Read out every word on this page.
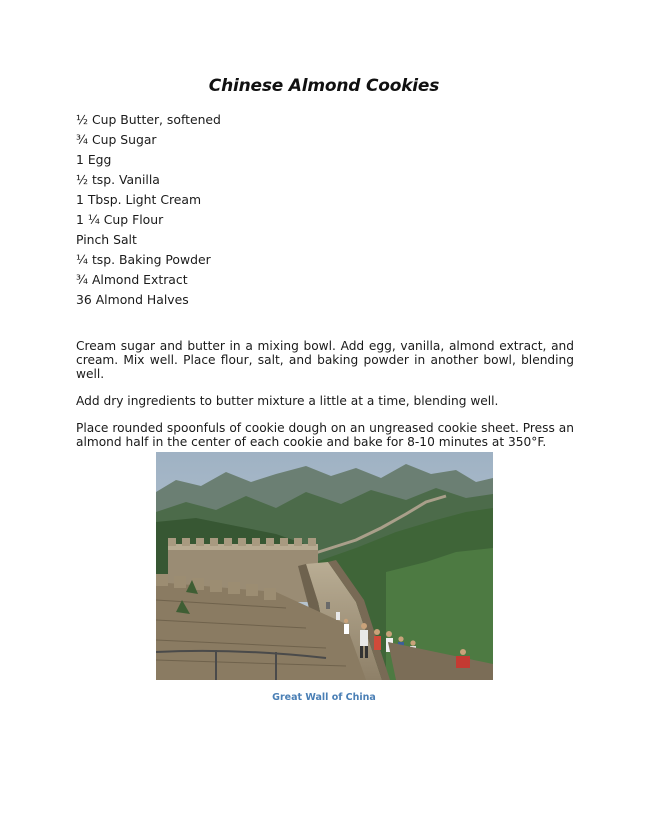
Chinese Almond Cookies
½ Cup Butter, softened
¾ Cup Sugar
1 Egg
½ tsp. Vanilla
1 Tbsp. Light Cream
1 ¼ Cup Flour
Pinch Salt
¼ tsp. Baking Powder
¾ Almond Extract
36 Almond Halves

Cream sugar and butter in a mixing bowl. Add egg, vanilla, almond extract, and cream. Mix well. Place flour, salt, and baking powder in another bowl, blending well.

Add dry ingredients to butter mixture a little at a time, blending well.

Place rounded spoonfuls of cookie dough on an ungreased cookie sheet. Press an almond half in the center of each cookie and bake for 8-10 minutes at 350°F.

Great Wall of China
